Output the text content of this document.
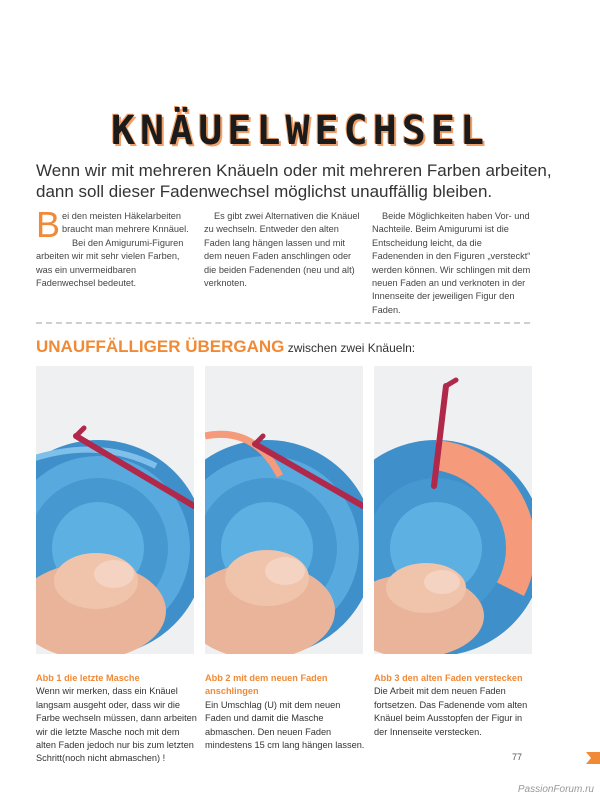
KNÄUELWECHSEL
Wenn wir mit mehreren Knäueln oder mit mehreren Farben arbeiten, dann soll dieser Fadenwechsel möglichst unauffällig bleiben.

Bei den meisten Häkelarbeiten braucht man mehrere Knnäuel.

Bei den Amigurumi-Figuren arbeiten wir mit sehr vielen Farben, was ein unvermeidbaren Fadenwechsel bedeutet.

Es gibt zwei Alternativen die Knäuel zu wechseln. Entweder den alten Faden lang hängen lassen und mit dem neuen Faden anschlingen oder die beiden Fadenenden (neu und alt) verknoten.

Beide Möglichkeiten haben Vor- und Nachteile. Beim Amigurumi ist die Entscheidung leicht, da die Fadenenden in den Figuren „versteckt“ werden können. Wir schlingen mit dem neuen Faden an und verknoten in der Innenseite der jeweiligen Figur den Faden.

UNAUFFÄLLIGER ÜBERGANG zwischen zwei Knäueln:
Abb 1 die letzte Masche
Wenn wir merken, dass ein Knäuel langsam ausgeht oder, dass wir die Farbe wechseln müssen, dann arbeiten wir die letzte Masche noch mit dem alten Faden jedoch nur bis zum letzten Schritt(noch nicht abmaschen) !
Abb 2 mit dem neuen Faden anschlingen
Ein Umschlag (U) mit dem neuen Faden und damit die Masche abmaschen. Den neuen Faden mindestens 15 cm lang hängen lassen.
Abb 3 den alten Faden verstecken
Die Arbeit mit dem neuen Faden fortsetzen. Das Fadenende vom alten Knäuel beim Ausstopfen der Figur in der Innenseite verstecken.
77
PassionForum.ru
